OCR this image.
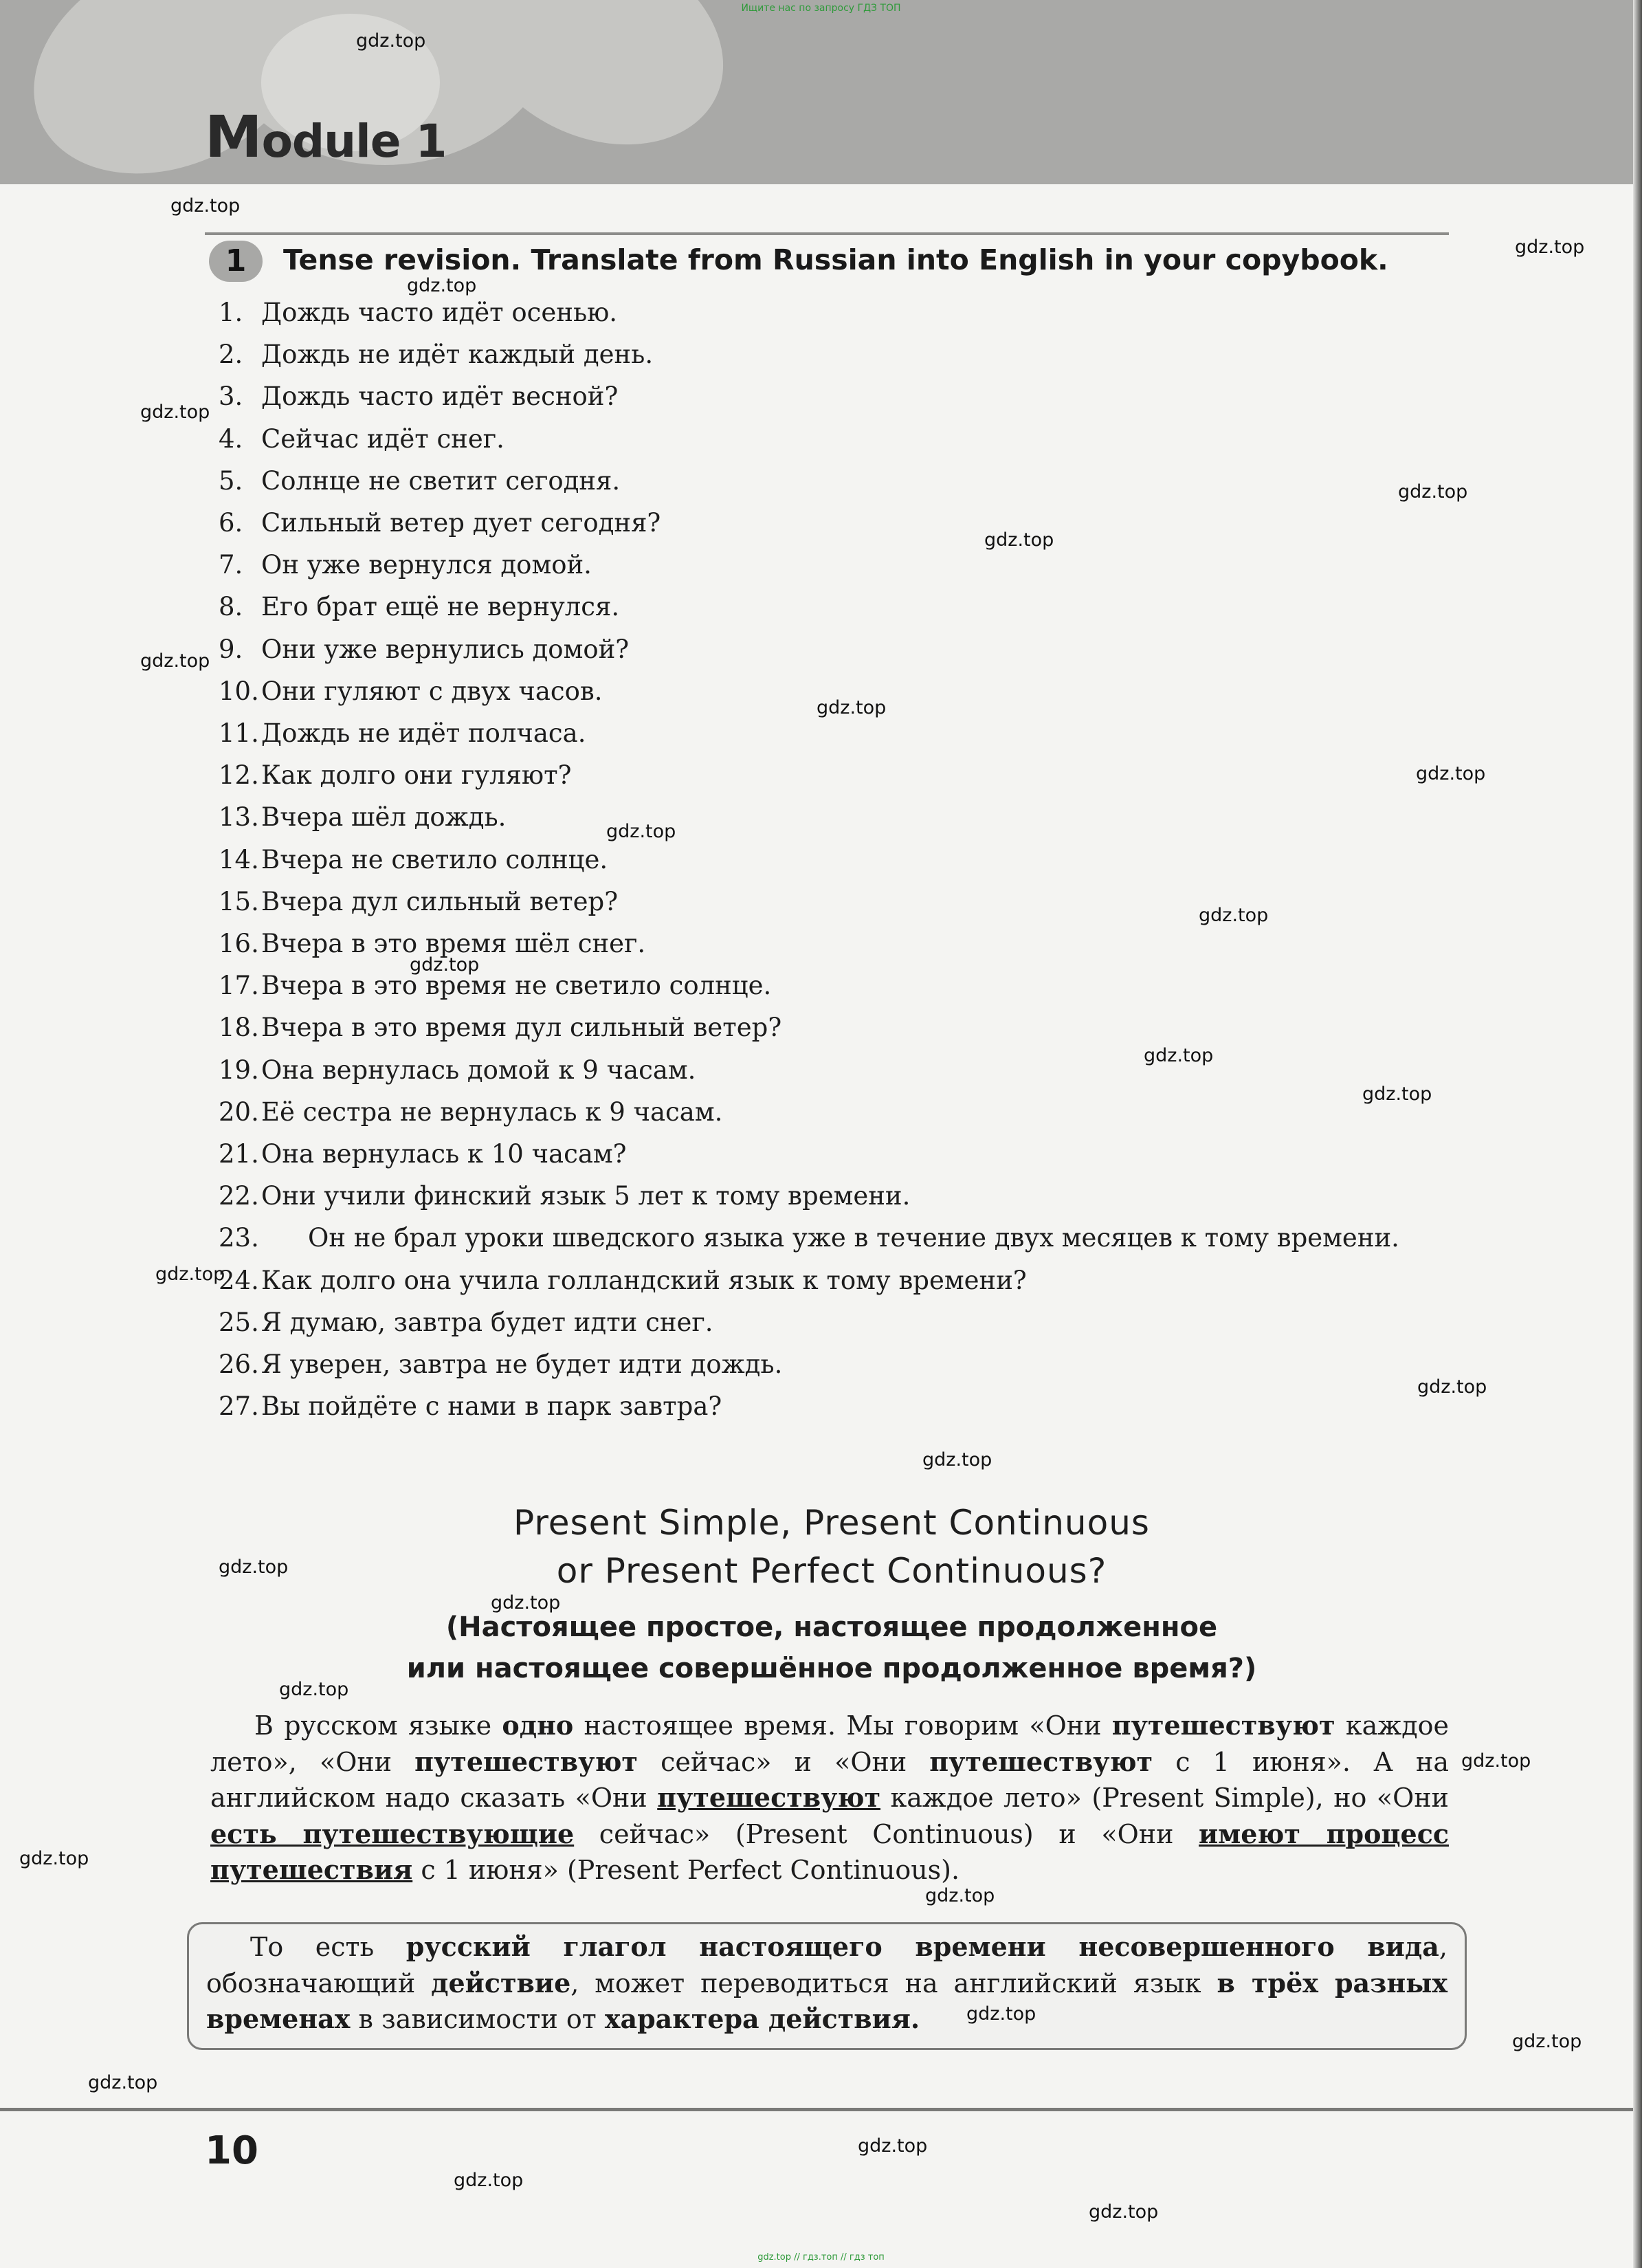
Ищите нас по запросу ГДЗ ТОП
Module 1
1	Tense revision. Translate from Russian into English in your copybook.
1. Дождь часто идёт осенью.
2. Дождь не идёт каждый день.
3. Дождь часто идёт весной?
4. Сейчас идёт снег.
5. Солнце не светит сегодня.
6. Сильный ветер дует сегодня?
7. Он уже вернулся домой.
8. Его брат ещё не вернулся.
9. Они уже вернулись домой?
10.Они гуляют с двух часов.
11.Дождь не идёт полчаса.
12.Как долго они гуляют?
13.Вчера шёл дождь.
14.Вчера не светило солнце.
15.Вчера дул сильный ветер?
16.Вчера в это время шёл снег.
17.Вчера в это время не светило солнце.
18.Вчера в это время дул сильный ветер?
19.Она вернулась домой к 9 часам.
20.Её сестра не вернулась к 9 часам.
21.Она вернулась к 10 часам?
22.Они учили финский язык 5 лет к тому времени.
23. Он не брал уроки шведского языка уже в течение двух месяцев к тому времени.
24.Как долго она учила голландский язык к тому времени?
25.Я думаю, завтра будет идти снег.
26.Я уверен, завтра не будет идти дождь.
27.Вы пойдёте с нами в парк завтра?
Present Simple, Present Continuous
or Present Perfect Continuous?
(Настоящее простое, настоящее продолженное
или настоящее совершённое продолженное время?)
В русском языке одно настоящее время. Мы говорим «Они путешествуют каждое лето», «Они путешествуют сейчас» и «Они путешествуют с 1 июня». А на английском надо сказать «Они путешествуют каждое лето» (Present Simple), но «Они есть путешествующие сейчас» (Present Continuous) и «Они имеют процесс путешествия с 1 июня» (Present Perfect Continuous).
То есть русский глагол настоящего времени несовершенного вида, обозначающий действие, может переводиться на английский язык в трёх разных временах в зависимости от характера действия.
10
gdz.top
gdz.top
gdz.top
gdz.top
gdz.top
gdz.top
gdz.top
gdz.top
gdz.top
gdz.top
gdz.top
gdz.top
gdz.top
gdz.top
gdz.top
gdz.top
gdz.top
gdz.top
gdz.top
gdz.top
gdz.top
gdz.top
gdz.top
gdz.top
gdz.top
gdz.top
gdz.top
gdz.top
gdz.top
gdz.top
gdz.top // гдз.топ // гдз топ
